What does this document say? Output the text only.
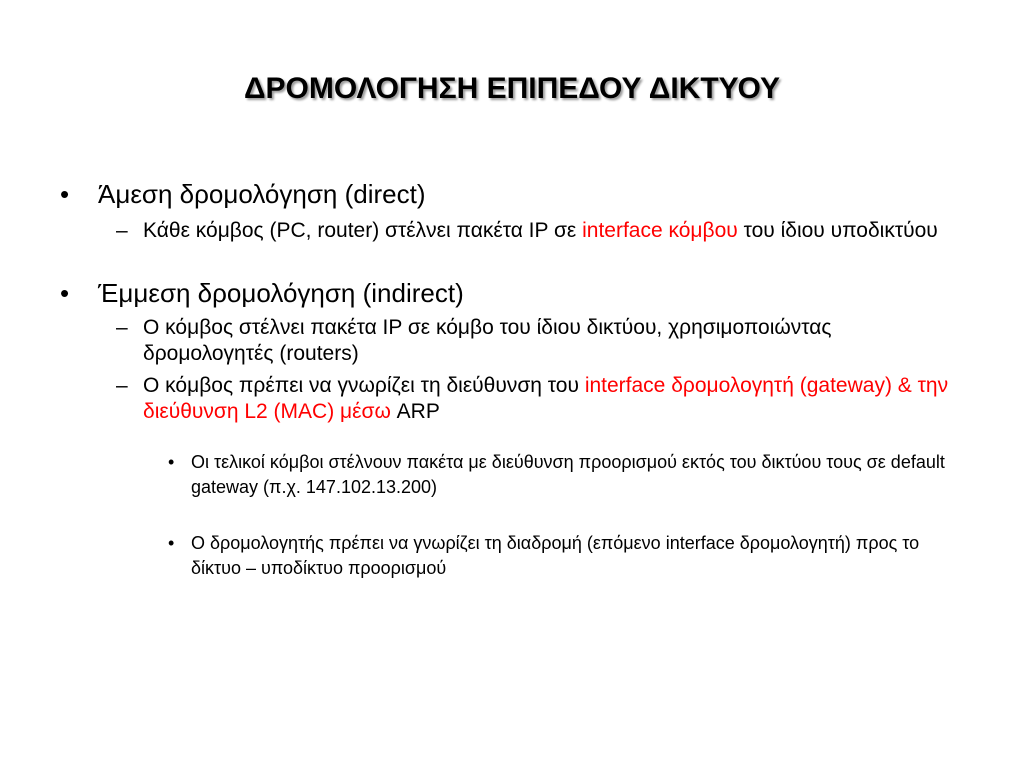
ΔΡΟΜΟΛΟΓΗΣΗ ΕΠΙΠΕΔΟΥ ΔΙΚΤΥΟΥ
• Άμεση δρομολόγηση (direct)
– Κάθε κόμβος (PC, router) στέλνει πακέτα IP σε interface κόμβου του ίδιου υποδικτύου
• Έμμεση δρομολόγηση (indirect)
– Ο κόμβος στέλνει πακέτα IP σε κόμβο του ίδιου δικτύου, χρησιμοποιώντας δρομολογητές (routers)
– Ο κόμβος πρέπει να γνωρίζει τη διεύθυνση του interface δρομολογητή (gateway) & την διεύθυνση L2 (MAC) μέσω ARP
• Οι τελικοί κόμβοι στέλνουν πακέτα με διεύθυνση προορισμού εκτός του δικτύου τους σε default gateway (π.χ. 147.102.13.200)
• Ο δρομολογητής πρέπει να γνωρίζει τη διαδρομή (επόμενο interface δρομολογητή) προς το δίκτυο – υποδίκτυο προορισμού
